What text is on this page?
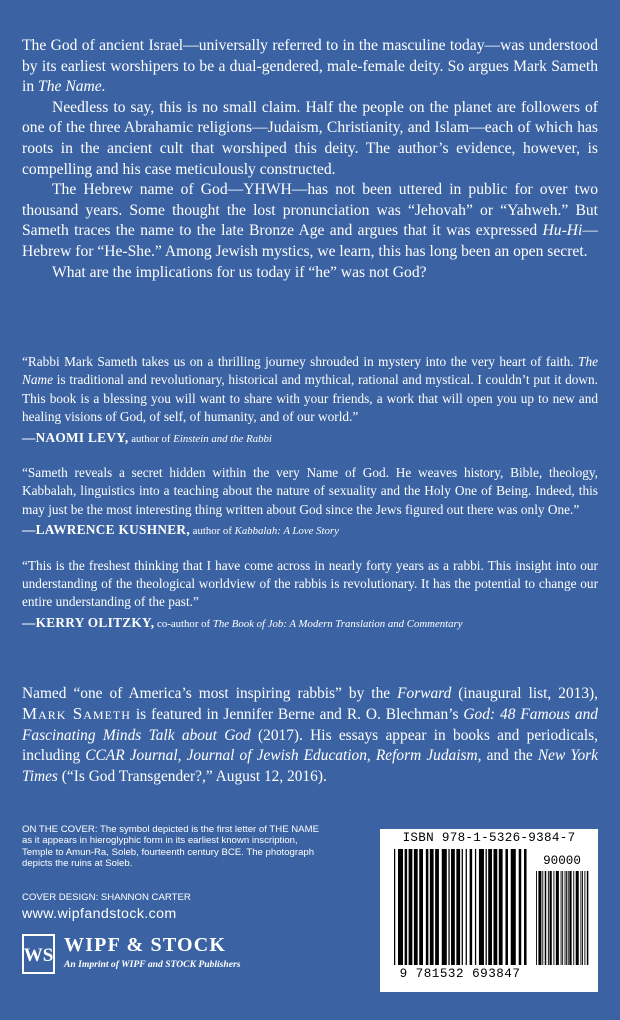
The God of ancient Israel—universally referred to in the masculine today—was understood by its earliest worshipers to be a dual-gendered, male-female deity. So argues Mark Sameth in The Name.

Needless to say, this is no small claim. Half the people on the planet are followers of one of the three Abrahamic religions—Judaism, Christianity, and Islam—each of which has roots in the ancient cult that worshiped this deity. The author’s evidence, however, is compelling and his case meticulously constructed.

The Hebrew name of God—YHWH—has not been uttered in public for over two thousand years. Some thought the lost pronunciation was “Jehovah” or “Yahweh.” But Sameth traces the name to the late Bronze Age and argues that it was expressed Hu-Hi—Hebrew for “He-She.” Among Jewish mystics, we learn, this has long been an open secret.

What are the implications for us today if “he” was not God?

“Rabbi Mark Sameth takes us on a thrilling journey shrouded in mystery into the very heart of faith. The Name is traditional and revolutionary, historical and mythical, rational and mystical. I couldn’t put it down. This book is a blessing you will want to share with your friends, a work that will open you up to new and healing visions of God, of self, of humanity, and of our world.”
—NAOMI LEVY, author of Einstein and the Rabbi
“Sameth reveals a secret hidden within the very Name of God. He weaves history, Bible, theology, Kabbalah, linguistics into a teaching about the nature of sexuality and the Holy One of Being. Indeed, this may just be the most interesting thing written about God since the Jews figured out there was only One.”
—LAWRENCE KUSHNER, author of Kabbalah: A Love Story
“This is the freshest thinking that I have come across in nearly forty years as a rabbi. This insight into our understanding of the theological worldview of the rabbis is revolutionary. It has the potential to change our entire understanding of the past.”
—KERRY OLITZKY, co-author of The Book of Job: A Modern Translation and Commentary
Named “one of America’s most inspiring rabbis” by the Forward (inaugural list, 2013), Mark Sameth is featured in Jennifer Berne and R. O. Blechman’s God: 48 Famous and Fascinating Minds Talk about God (2017). His essays appear in books and periodicals, including CCAR Journal, Journal of Jewish Education, Reform Judaism, and the New York Times (“Is God Transgender?,” August 12, 2016).
ON THE COVER: The symbol depicted is the first letter of THE NAME as it appears in hieroglyphic form in its earliest known inscription, Temple to Amun-Ra, Soleb, fourteenth century BCE. The photograph depicts the ruins at Soleb.
COVER DESIGN: SHANNON CARTER
www.wipfandstock.com
WS WIPF & STOCK
An Imprint of WIPF and STOCK Publishers
ISBN 978-1-5326-9384-7
90000
9 781532 693847
